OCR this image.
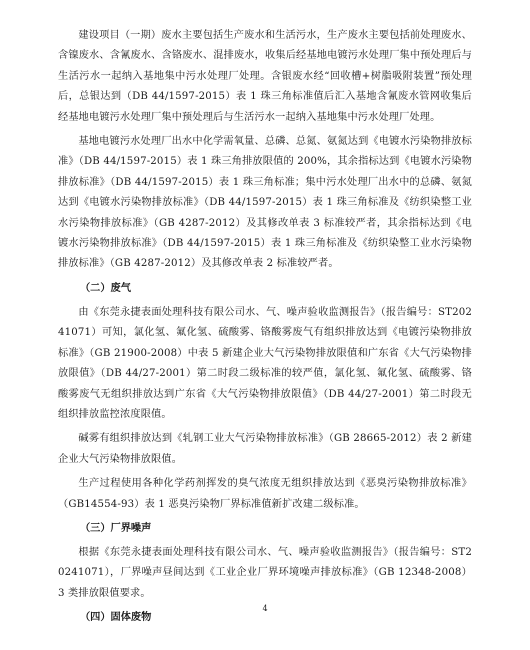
建设项目（一期）废水主要包括生产废水和生活污水，生产废水主要包括前处理废水、含镍废水、含氰废水、含铬废水、混排废水，收集后经基地电镀污水处理厂集中预处理后与生活污水一起纳入基地集中污水处理厂处理。含银废水经“回收槽+树脂吸附装置”预处理后，总银达到（DB 44/1597-2015）表 1 珠三角标准值后汇入基地含氰废水管网收集后经基地电镀污水处理厂集中预处理后与生活污水一起纳入基地集中污水处理厂处理。

基地电镀污水处理厂出水中化学需氧量、总磷、总氮、氨氮达到《电镀水污染物排放标准》（DB 44/1597-2015）表 1 珠三角排放限值的 200%，其余指标达到《电镀水污染物排放标准》（DB 44/1597-2015）表 1 珠三角标准；集中污水处理厂出水中的总磷、氨氮达到《电镀水污染物排放标准》（DB 44/1597-2015）表 1 珠三角标准及《纺织染整工业水污染物排放标准》（GB 4287-2012）及其修改单表 3 标准较严者，其余指标达到《电镀水污染物排放标准》（DB 44/1597-2015）表 1 珠三角标准及《纺织染整工业水污染物排放标准》（GB 4287-2012）及其修改单表 2 标准较严者。

（二）废气

由《东莞永捷表面处理科技有限公司水、气、噪声验收监测报告》（报告编号：ST20241071）可知，氯化氢、氟化氢、硫酸雾、铬酸雾废气有组织排放达到《电镀污染物排放标准》（GB 21900-2008）中表 5 新建企业大气污染物排放限值和广东省《大气污染物排放限值》（DB 44/27-2001）第二时段二级标准的较严值，氯化氢、氟化氢、硫酸雾、铬酸雾废气无组织排放达到广东省《大气污染物排放限值》（DB 44/27-2001）第二时段无组织排放监控浓度限值。

碱雾有组织排放达到《轧钢工业大气污染物排放标准》（GB 28665-2012）表 2 新建企业大气污染物排放限值。

生产过程使用各种化学药剂挥发的臭气浓度无组织排放达到《恶臭污染物排放标准》（GB14554-93）表 1 恶臭污染物厂界标准值新扩改建二级标准。

（三）厂界噪声

根据《东莞永捷表面处理科技有限公司水、气、噪声验收监测报告》（报告编号：ST20241071），厂界噪声昼间达到《工业企业厂界环境噪声排放标准》（GB 12348-2008）3 类排放限值要求。

（四）固体废物
4
